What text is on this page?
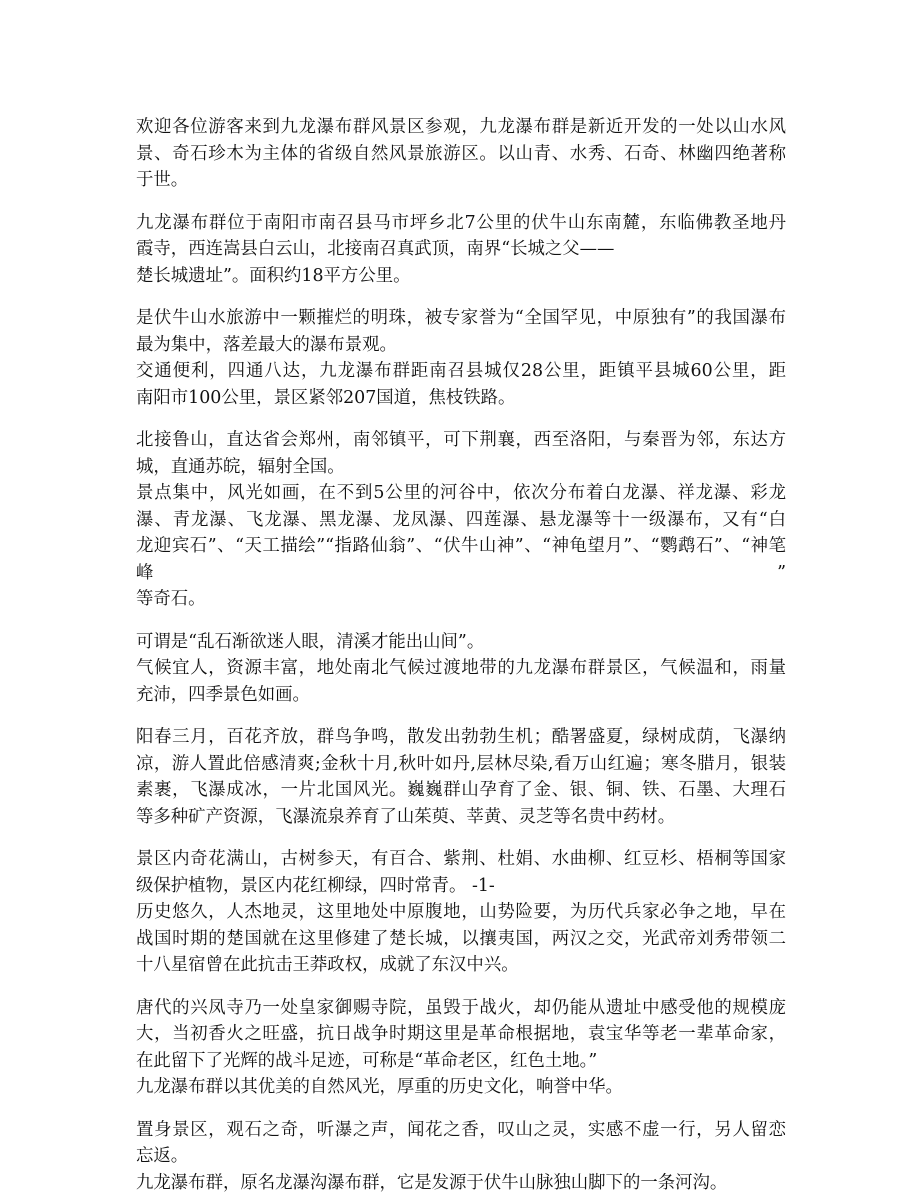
欢迎各位游客来到九龙瀑布群风景区参观，九龙瀑布群是新近开发的一处以山水风
景、奇石珍木为主体的省级自然风景旅游区。以山青、水秀、石奇、林幽四绝著称
于世。
九龙瀑布群位于南阳市南召县马市坪乡北7公里的伏牛山东南麓，东临佛教圣地丹
霞寺，西连嵩县白云山，北接南召真武顶，南界“长城之父——
楚长城遗址”。面积约18平方公里。
是伏牛山水旅游中一颗摧烂的明珠，被专家誉为“全国罕见，中原独有”的我国瀑布
最为集中，落差最大的瀑布景观。
交通便利，四通八达，九龙瀑布群距南召县城仅28公里，距镇平县城60公里，距
南阳市100公里，景区紧邻207国道，焦枝铁路。
北接鲁山，直达省会郑州，南邻镇平，可下荆襄，西至洛阳，与秦晋为邻，东达方
城，直通苏皖，辐射全国。
景点集中，风光如画，在不到5公里的河谷中，依次分布着白龙瀑、祥龙瀑、彩龙
瀑、青龙瀑、飞龙瀑、黑龙瀑、龙凤瀑、四莲瀑、悬龙瀑等十一级瀑布，又有“白
龙迎宾石”、“天工描绘”“指路仙翁”、“伏牛山神”、“神龟望月”、“鹦鹉石”、“神笔峰”
等奇石。
可谓是“乱石渐欲迷人眼，清溪才能出山间”。
气候宜人，资源丰富，地处南北气候过渡地带的九龙瀑布群景区，气候温和，雨量
充沛，四季景色如画。
阳春三月，百花齐放，群鸟争鸣，散发出勃勃生机；酷署盛夏，绿树成荫，飞瀑纳
凉，游人置此倍感清爽;金秋十月,秋叶如丹,层林尽染,看万山红遍；寒冬腊月，银装
素裹，飞瀑成冰，一片北国风光。巍巍群山孕育了金、银、铜、铁、石墨、大理石
等多种矿产资源，飞瀑流泉养育了山茱萸、莘黄、灵芝等名贵中药材。
景区内奇花满山，古树参天，有百合、紫荆、杜娟、水曲柳、红豆杉、梧桐等国家
级保护植物，景区内花红柳绿，四时常青。 -1-
历史悠久，人杰地灵，这里地处中原腹地，山势险要，为历代兵家必争之地，早在
战国时期的楚国就在这里修建了楚长城，以攘夷国，两汉之交，光武帝刘秀带领二
十八星宿曾在此抗击王莽政权，成就了东汉中兴。
唐代的兴凤寺乃一处皇家御赐寺院，虽毁于战火，却仍能从遗址中感受他的规模庞
大，当初香火之旺盛，抗日战争时期这里是革命根据地，袁宝华等老一辈革命家，
在此留下了光辉的战斗足迹，可称是“革命老区，红色土地。”
九龙瀑布群以其优美的自然风光，厚重的历史文化，响誉中华。
置身景区，观石之奇，听瀑之声，闻花之香，叹山之灵，实感不虚一行，另人留恋
忘返。
九龙瀑布群，原名龙瀑沟瀑布群，它是发源于伏牛山脉独山脚下的一条河沟。
